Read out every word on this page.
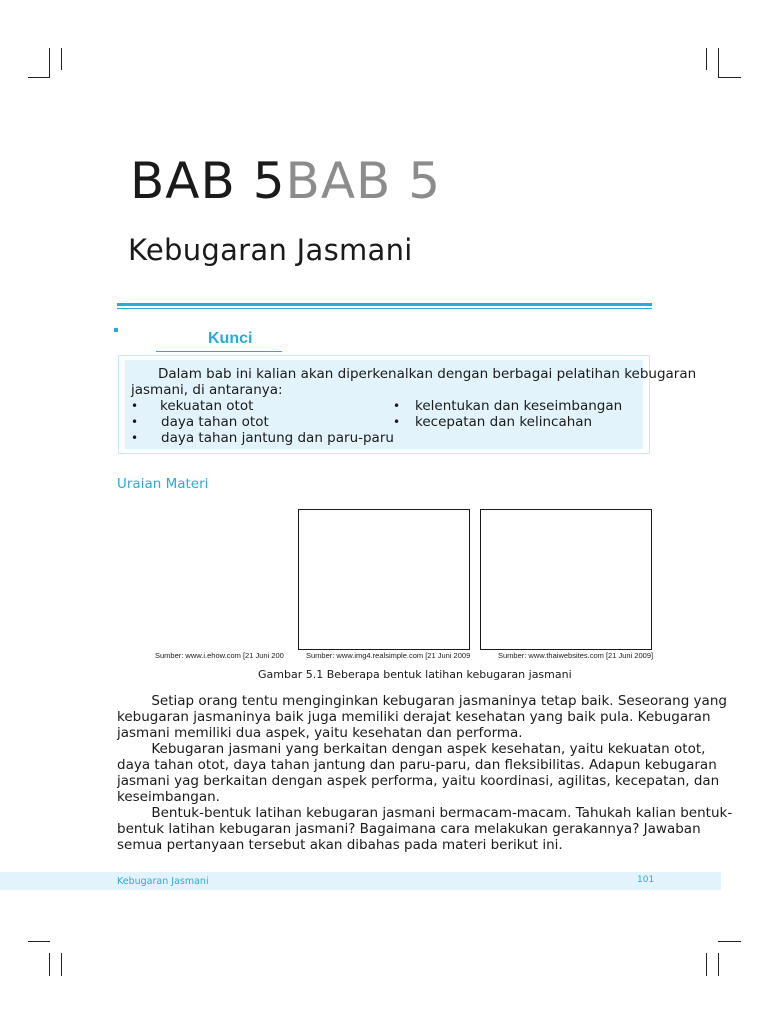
BAB 5BAB 5
Kebugaran Jasmani
Kunci
Dalam bab ini kalian akan diperkenalkan dengan berbagai pelatihan kebugaran
jasmani, di antaranya:
• kekuatan otot
• daya tahan otot
• daya tahan jantung dan paru-paru
• kelentukan dan keseimbangan
• kecepatan dan kelincahan
Uraian Materi
Sumber: www.i.ehow.com [21 Juni 200	Sumber: www.img4.realsimple.com [21 Juni 2009	Sumber: www.thaiwebsites.com [21 Juni 2009]
Gambar 5.1 Beberapa bentuk latihan kebugaran jasmani
Setiap orang tentu menginginkan kebugaran jasmaninya tetap baik. Seseorang yang
kebugaran jasmaninya baik juga memiliki derajat kesehatan yang baik pula. Kebugaran
jasmani memiliki dua aspek, yaitu kesehatan dan performa.
Kebugaran jasmani yang berkaitan dengan aspek kesehatan, yaitu kekuatan otot,
daya tahan otot, daya tahan jantung dan paru-paru, dan fleksibilitas. Adapun kebugaran
jasmani yag berkaitan dengan aspek performa, yaitu koordinasi, agilitas, kecepatan, dan
keseimbangan.
Bentuk-bentuk latihan kebugaran jasmani bermacam-macam. Tahukah kalian bentuk-
bentuk latihan kebugaran jasmani? Bagaimana cara melakukan gerakannya? Jawaban
semua pertanyaan tersebut akan dibahas pada materi berikut ini.
Kebugaran Jasmani	101
